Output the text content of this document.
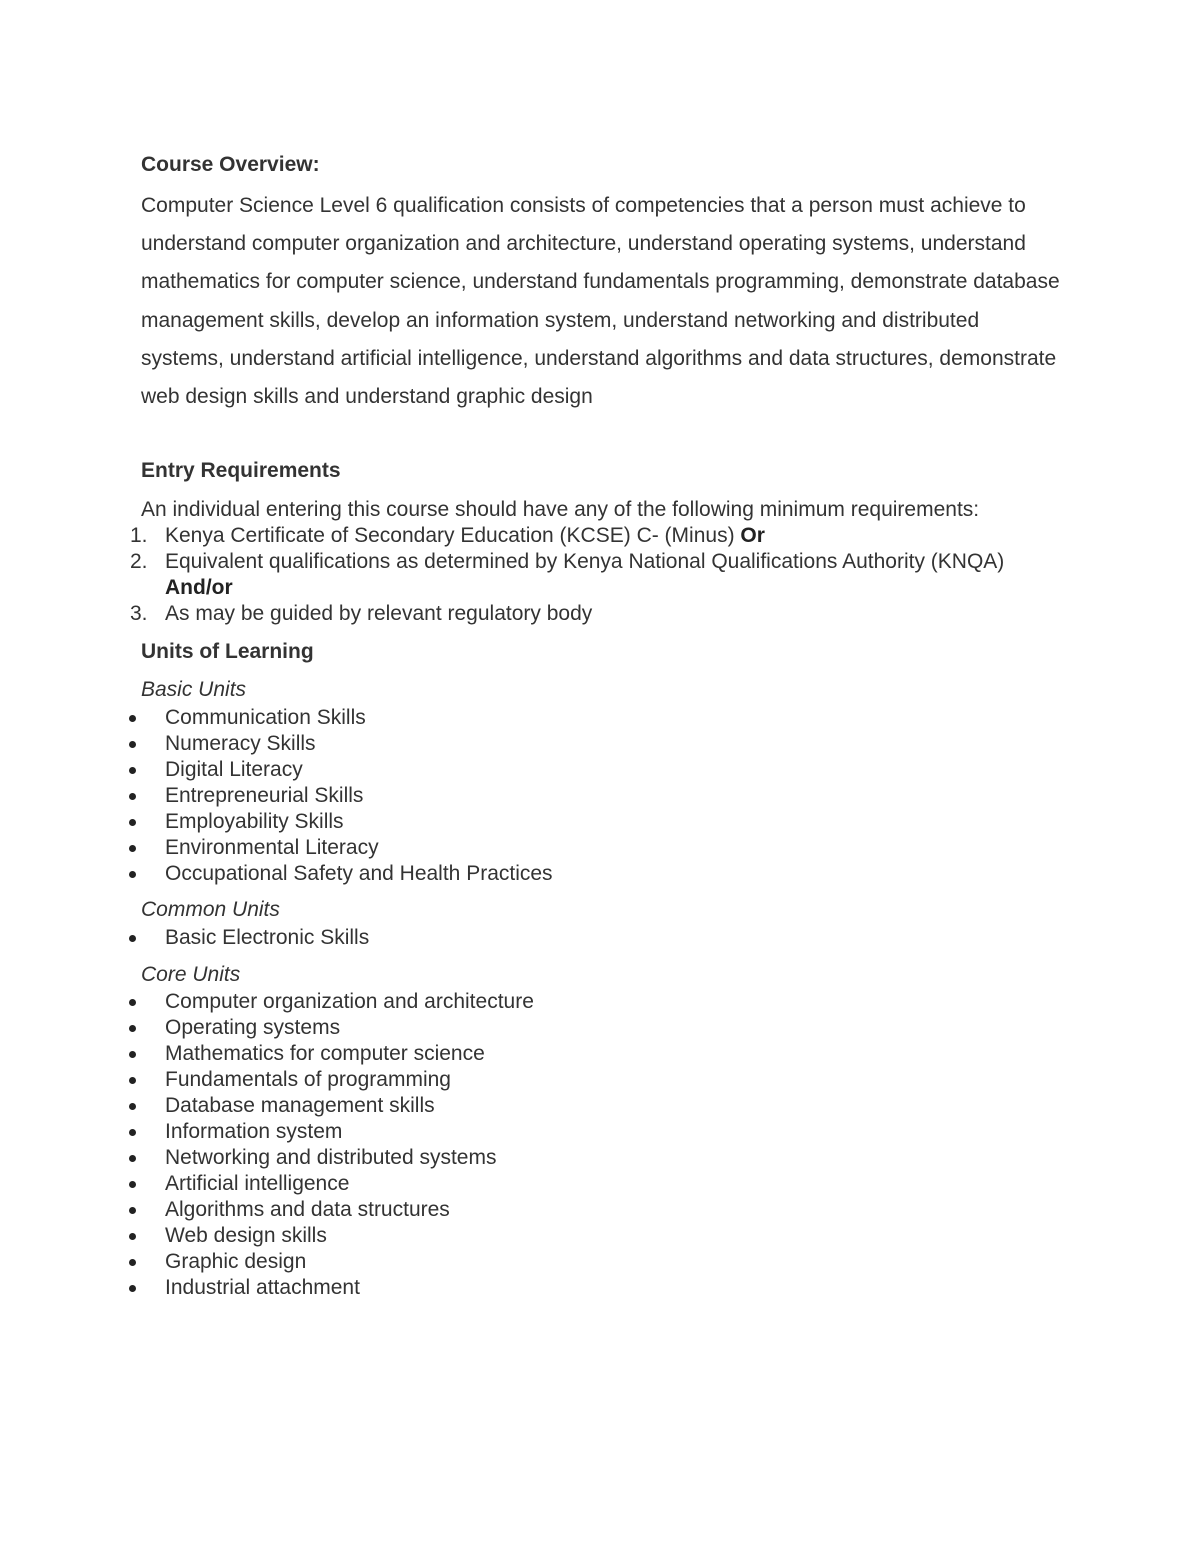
Course Overview:

Computer Science Level 6 qualification consists of competencies that a person must achieve to understand computer organization and architecture, understand operating systems, understand mathematics for computer science, understand fundamentals programming, demonstrate database management skills, develop an information system, understand networking and distributed systems, understand artificial intelligence, understand algorithms and data structures, demonstrate web design skills and understand graphic design

Entry Requirements

An individual entering this course should have any of the following minimum requirements:

1. Kenya Certificate of Secondary Education (KCSE) C- (Minus) Or
2. Equivalent qualifications as determined by Kenya National Qualifications Authority (KNQA) And/or
3. As may be guided by relevant regulatory body
Units of Learning
Basic Units
Communication Skills
Numeracy Skills
Digital Literacy
Entrepreneurial Skills
Employability Skills
Environmental Literacy
Occupational Safety and Health Practices
Common Units
Basic Electronic Skills
Core Units
Computer organization and architecture
Operating systems
Mathematics for computer science
Fundamentals of programming
Database management skills
Information system
Networking and distributed systems
Artificial intelligence
Algorithms and data structures
Web design skills
Graphic design
Industrial attachment
